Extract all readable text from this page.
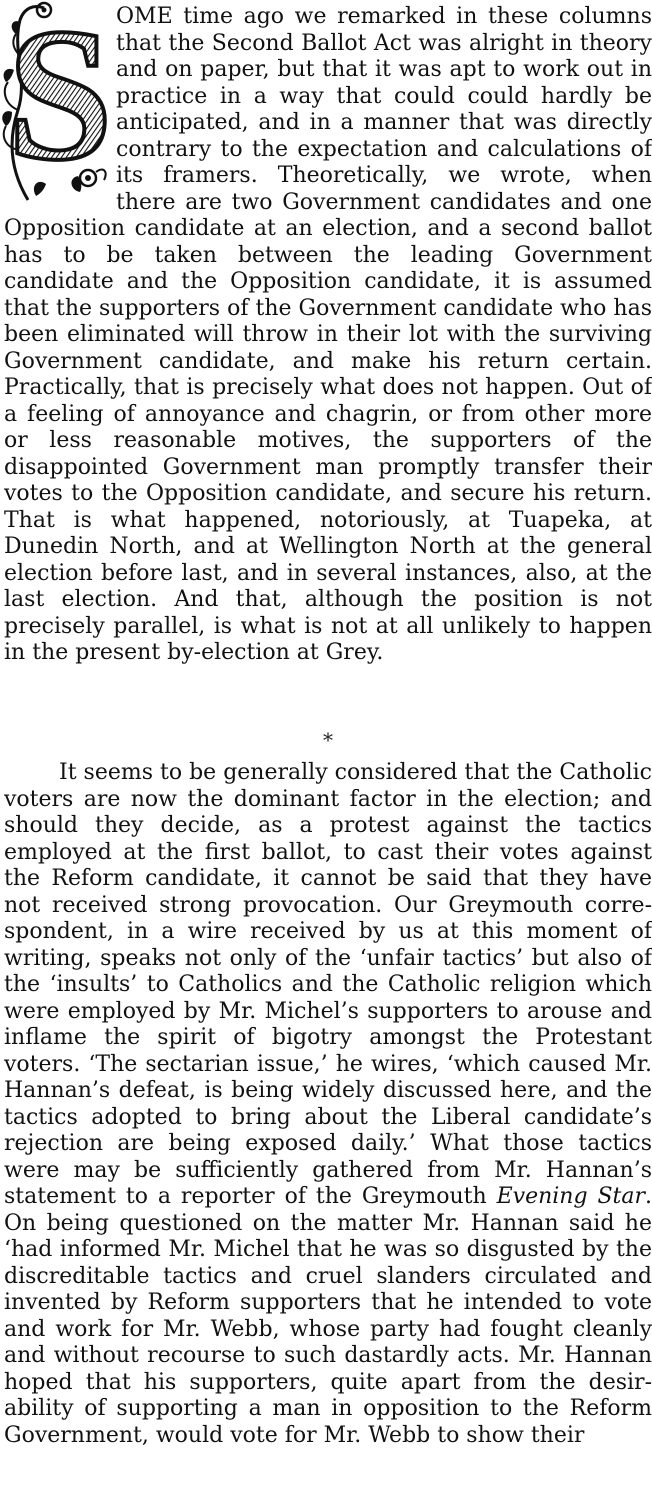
S OME time ago we remarked in these columns that the Second Ballot Act was alright in theory and on paper, but that it was apt to work out in practice in a way that could could hardly be anticipated, and in a manner that was directly contrary to the expectation and calculations of its framers. Theoretically, we wrote, when there are two Government candidates and one Opposition candidate at an election, and a second ballot has to be taken between the leading Government candidate and the Opposition candidate, it is assumed that the supporters of the Government candidate who has been eliminated will throw in their lot with the surviving Government candidate, and make his return certain. Practically, that is precisely what does not happen. Out of a feeling of annoyance and chagrin, or from other more or less reasonable motives, the supporters of the disappointed Government man promptly transfer their votes to the Opposition candidate, and secure his return. That is what happened, notoriously, at Tuapeka, at Dunedin North, and at Wellington North at the general election before last, and in several instances, also, at the last election. And that, although the position is not precisely parallel, is what is not at all unlikely to happen in the present by-election at Grey.

*

It seems to be generally considered that the Catholic voters are now the dominant factor in the election; and should they decide, as a protest against the tactics employed at the first ballot, to cast their votes against the Reform candidate, it cannot be said that they have not received strong provocation. Our Greymouth correspondent, in a wire received by us at this moment of writing, speaks not only of the ‘unfair tactics’ but also of the ‘insults’ to Catholics and the Catholic religion which were employed by Mr. Michel’s supporters to arouse and inflame the spirit of bigotry amongst the Protestant voters. ‘The sectarian issue,’ he wires, ‘which caused Mr. Hannan’s defeat, is being widely discussed here, and the tactics adopted to bring about the Liberal candidate’s rejection are being exposed daily.’ What those tactics were may be sufficiently gathered from Mr. Hannan’s statement to a reporter of the Greymouth Evening Star. On being questioned on the matter Mr. Hannan said he ‘had informed Mr. Michel that he was so disgusted by the discreditable tactics and cruel slanders circulated and invented by Reform supporters that he intended to vote and work for Mr. Webb, whose party had fought cleanly and without recourse to such dastardly acts. Mr. Hannan hoped that his supporters, quite apart from the desirability of supporting a man in opposition to the Reform Government, would vote for Mr. Webb to show their
